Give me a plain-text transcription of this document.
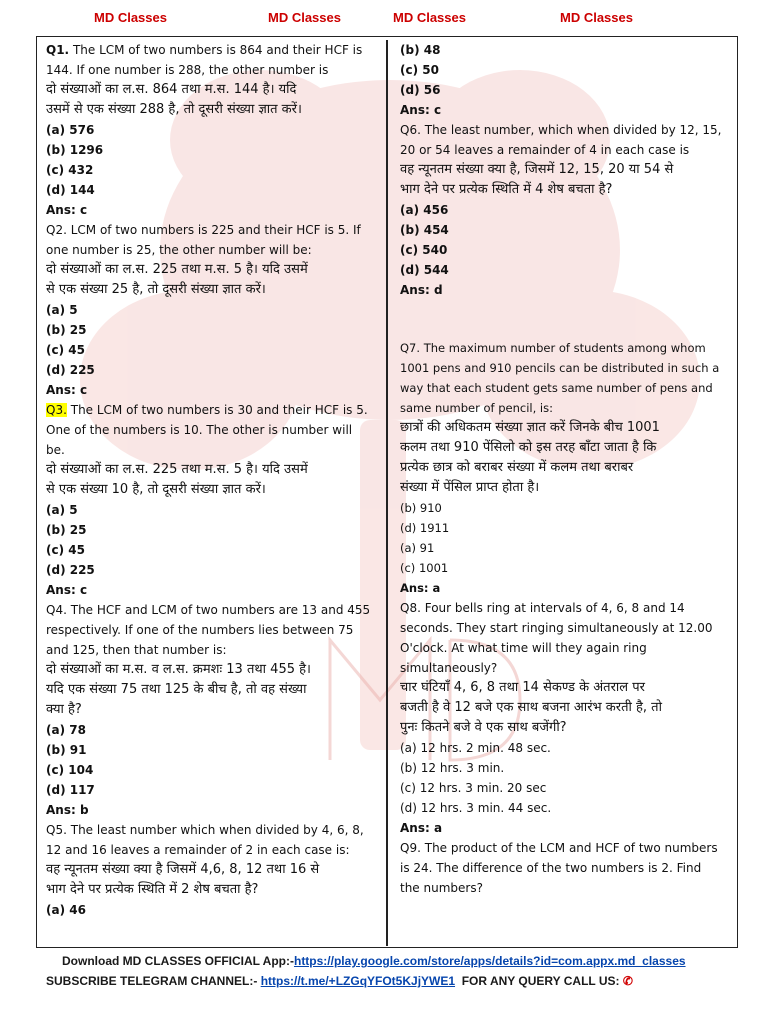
MD Classes	MD Classes	MD Classes	MD Classes
Q1. The LCM of two numbers is 864 and their HCF is
144. If one number is 288, the other number is
दो संख्याओं का ल.स. 864 तथा म.स. 144 है। यदि
उसमें से एक संख्या 288 है, तो दूसरी संख्या ज्ञात करें।
(a) 576
(b) 1296
(c) 432
(d) 144
Ans: c
Q2. LCM of two numbers is 225 and their HCF is 5. If
one number is 25, the other number will be:
दो संख्याओं का ल.स. 225 तथा म.स. 5 है। यदि उसमें
से एक संख्या 25 है, तो दूसरी संख्या ज्ञात करें।
(a) 5
(b) 25
(c) 45
(d) 225
Ans: c
Q3. The LCM of two numbers is 30 and their HCF is 5.
One of the numbers is 10. The other is number will
be.
दो संख्याओं का ल.स. 225 तथा म.स. 5 है। यदि उसमें
से एक संख्या 10 है, तो दूसरी संख्या ज्ञात करें।
(a) 5
(b) 25
(c) 45
(d) 225
Ans: c
Q4. The HCF and LCM of two numbers are 13 and 455
respectively. If one of the numbers lies between 75
and 125, then that number is:
दो संख्याओं का म.स. व ल.स. क्रमशः 13 तथा 455 है।
यदि एक संख्या 75 तथा 125 के बीच है, तो वह संख्या
क्या है?
(a) 78
(b) 91
(c) 104
(d) 117
Ans: b
Q5. The least number which when divided by 4, 6, 8,
12 and 16 leaves a remainder of 2 in each case is:
वह न्यूनतम संख्या क्या है जिसमें 4,6, 8, 12 तथा 16 से
भाग देने पर प्रत्येक स्थिति में 2 शेष बचता है?
(a) 46
(b) 48
(c) 50
(d) 56
Ans: c
Q6. The least number, which when divided by 12, 15,
20 or 54 leaves a remainder of 4 in each case is
वह न्यूनतम संख्या क्या है, जिसमें 12, 15, 20 या 54 से
भाग देने पर प्रत्येक स्थिति में 4 शेष बचता है?
(a) 456
(b) 454
(c) 540
(d) 544
Ans: d
Q7. The maximum number of students among whom
1001 pens and 910 pencils can be distributed in such a
way that each student gets same number of pens and
same number of pencil, is:
छात्रों की अधिकतम संख्या ज्ञात करें जिनके बीच 1001
कलम तथा 910 पेंसिलो को इस तरह बाँटा जाता है कि
प्रत्येक छात्र को बराबर संख्या में कलम तथा बराबर
संख्या में पेंसिल प्राप्त होता है।
(b) 910
(d) 1911
(a) 91
(c) 1001
Ans: a
Q8. Four bells ring at intervals of 4, 6, 8 and 14
seconds. They start ringing simultaneously at 12.00
O'clock. At what time will they again ring
simultaneously?
चार घंटियाँ 4, 6, 8 तथा 14 सेकण्ड के अंतराल पर
बजती है वे 12 बजे एक साथ बजना आरंभ करती है, तो
पुनः कितने बजे वे एक साथ बजेंगी?
(a) 12 hrs. 2 min. 48 sec.
(b) 12 hrs. 3 min.
(c) 12 hrs. 3 min. 20 sec
(d) 12 hrs. 3 min. 44 sec.
Ans: a
Q9. The product of the LCM and HCF of two numbers
is 24. The difference of the two numbers is 2. Find
the numbers?
Download MD CLASSES OFFICIAL App:-https://play.google.com/store/apps/details?id=com.appx.md_classes
SUBSCRIBE TELEGRAM CHANNEL:- https://t.me/+LZGqYFOt5KJjYWE1 FOR ANY QUERY CALL US: ✆
